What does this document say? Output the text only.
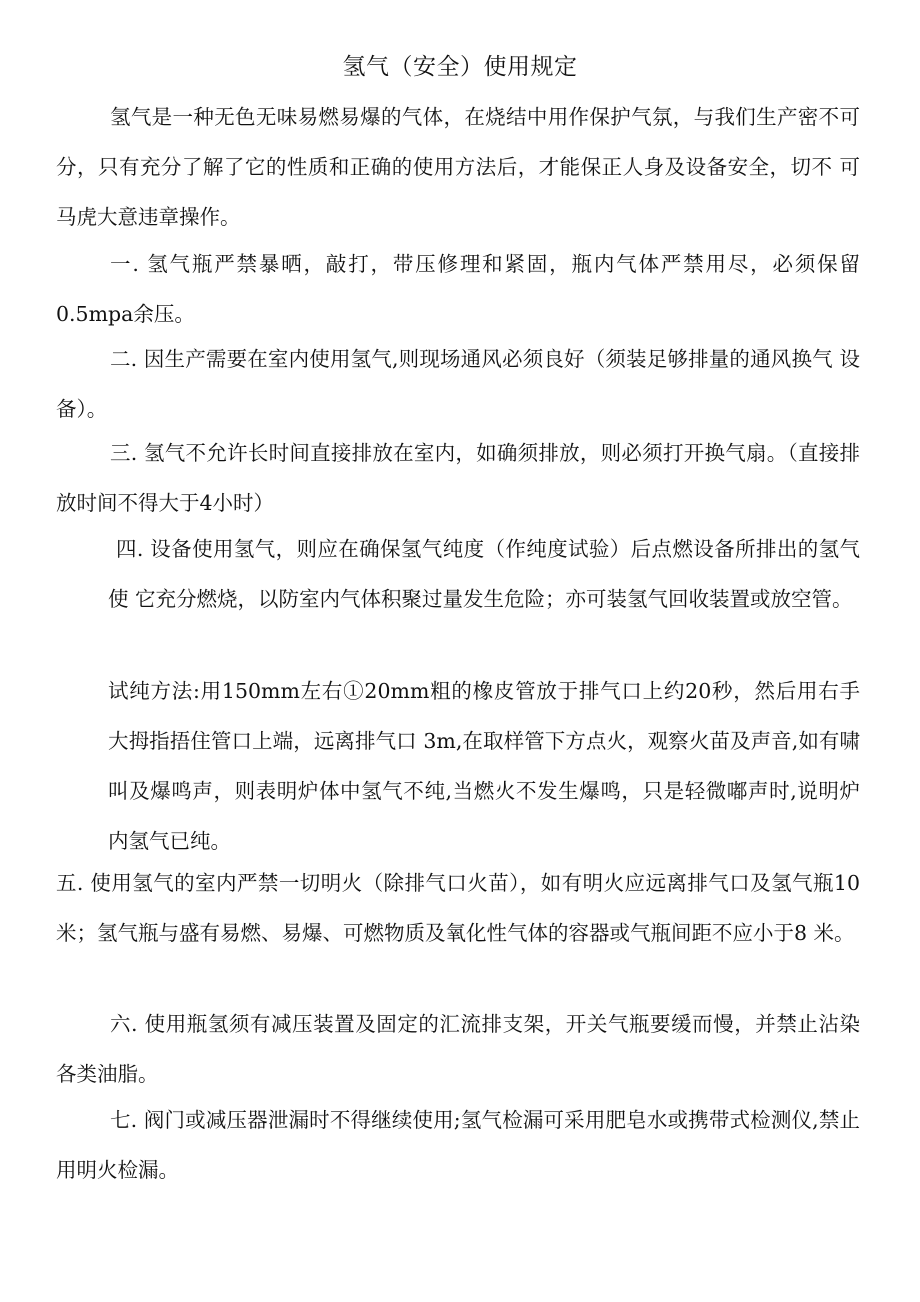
氢气（安全）使用规定

氢气是一种无色无味易燃易爆的气体，在烧结中用作保护气氛，与我们生产密不可分，只有充分了解了它的性质和正确的使用方法后，才能保正人身及设备安全，切不 可马虎大意违章操作。

一. 氢气瓶严禁暴晒，敲打，带压修理和紧固，瓶内气体严禁用尽，必须保留0.5mpa余压。

二. 因生产需要在室内使用氢气,则现场通风必须良好（须装足够排量的通风换气 设备）。

三. 氢气不允许长时间直接排放在室内，如确须排放，则必须打开换气扇。（直接排 放时间不得大于4小时）

四. 设备使用氢气，则应在确保氢气纯度（作纯度试验）后点燃设备所排出的氢气使 它充分燃烧，以防室内气体积聚过量发生危险；亦可装氢气回收装置或放空管。

试纯方法:用150mm左右①20mm粗的橡皮管放于排气口上约20秒，然后用右手 大拇指捂住管口上端，远离排气口 3m,在取样管下方点火，观察火苗及声音,如有啸叫及爆鸣声，则表明炉体中氢气不纯,当燃火不发生爆鸣，只是轻微嘟声时,说明炉 内氢气已纯。

五. 使用氢气的室内严禁一切明火（除排气口火苗），如有明火应远离排气口及氢气瓶10 米；氢气瓶与盛有易燃、易爆、可燃物质及氧化性气体的容器或气瓶间距不应小于8 米。

六. 使用瓶氢须有减压装置及固定的汇流排支架，开关气瓶要缓而慢，并禁止沾染 各类油脂。

七. 阀门或减压器泄漏时不得继续使用;氢气检漏可采用肥皂水或携带式检测仪,禁止用明火检漏。
